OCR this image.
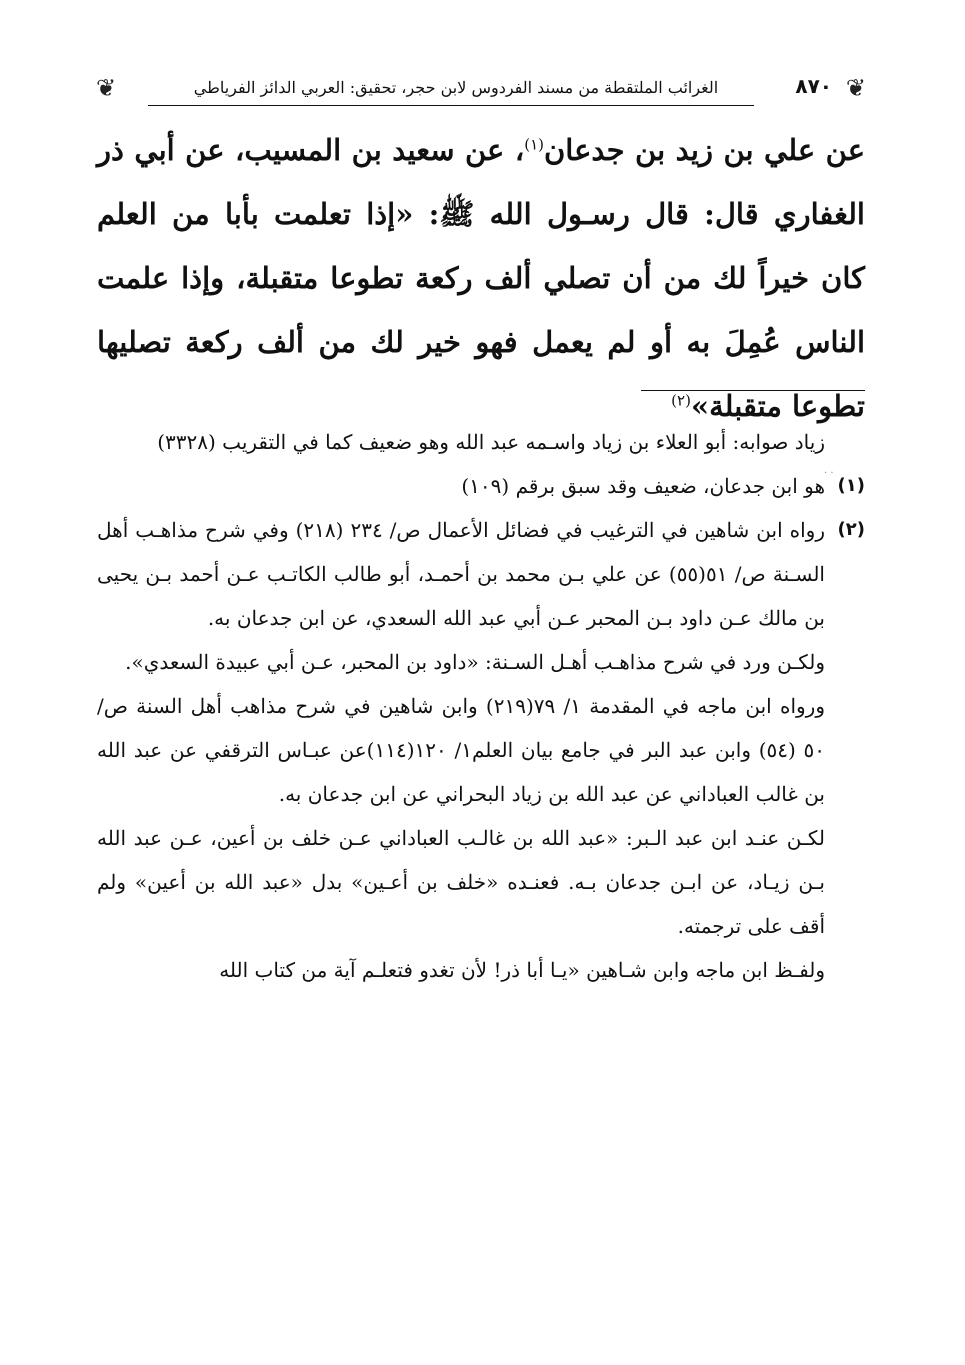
❦
٨٧٠
الغرائب الملتقطة من مسند الفردوس لابن حجر، تحقيق: العربي الدائز الفرياطي
❦

عن علي بن زيد بن جدعان$^{(١)}$، عن سعيد بن المسيب، عن أبي ذر الغفاري قال: قال رسـول الله ﷺ: «إذا تعلمت بأبا من العلم كان خيراً لك من أن تصلي ألف ركعة تطوعا متقبلة، وإذا علمت الناس عُمِلَ به أو لم يعمل فهو خير لك من ألف ركعة تصليها تطوعا متقبلة»$^{(٢)}$

زياد صوابه: أبو العلاء بن زياد واسـمه عبد الله وهو ضعيف كما في التقريب (٣٣٢٨)
(١)

هو ابن جدعان، ضعيف وقد سبق برقم (١٠٩)

(٢)

رواه ابن شاهين في الترغيب في فضائل الأعمال ص/ ٢٣٤ (٢١٨) وفي شرح مذاهـب أهل السـنة ص/ ٥١(٥٥) عن علي بـن محمد بن أحمـد، أبو طالب الكاتـب عـن أحمد بـن يحيى بن مالك عـن داود بـن المحبر عـن أبي عبد الله السعدي، عن ابن جدعان به.

ولكـن ورد في شرح مذاهـب أهـل السـنة: «داود بن المحبر، عـن أبي عبيدة السعدي».

ورواه ابن ماجه في المقدمة ١/ ٧٩(٢١٩) وابن شاهين في شرح مذاهب أهل السنة ص/ ٥٠ (٥٤) وابن عبد البر في جامع بيان العلم١/ ١٢٠(١١٤)عن عبـاس الترقفي عن عبد الله بن غالب العباداني عن عبد الله بن زياد البحراني عن ابن جدعان به.

لكـن عنـد ابن عبد الـبر: «عبد الله بن غالـب العباداني عـن خلف بن أعين، عـن عبد الله بـن زيـاد، عن ابـن جدعان بـه. فعنـده «خلف بن أعـين» بدل «عبد الله بن أعين» ولم أقف على ترجمته.

ولفـظ ابن ماجه وابن شـاهين «يـا أبا ذر! لأن تغدو فتعلـم آية من كتاب الله

· ·
